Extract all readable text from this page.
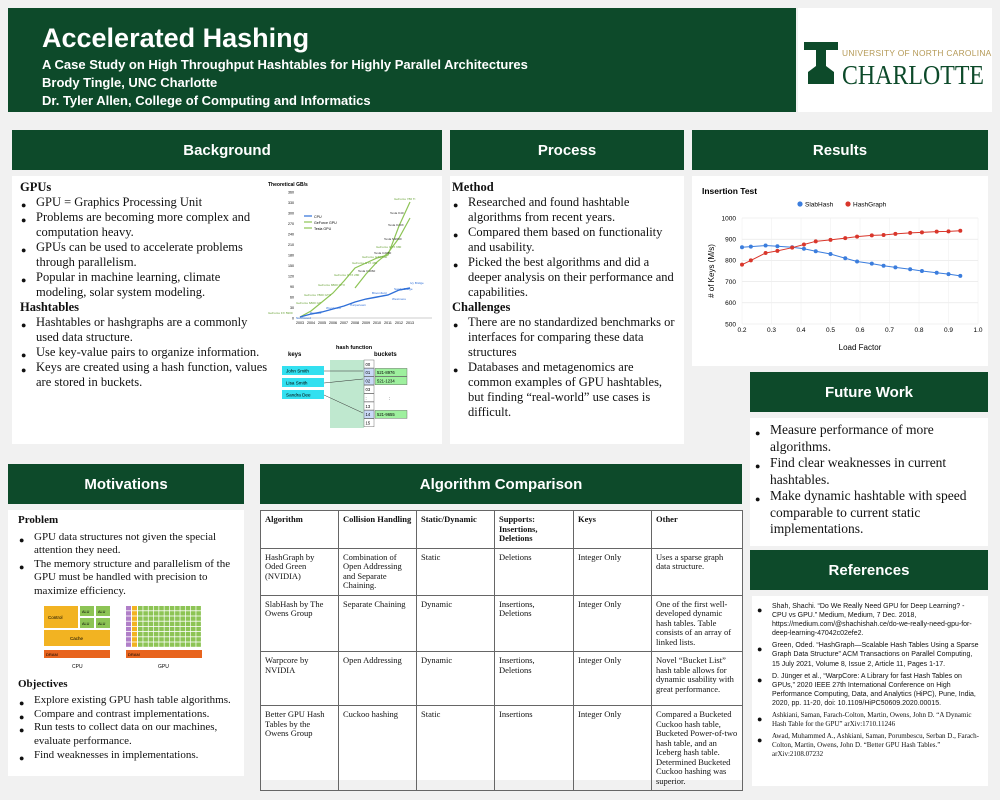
Accelerated Hashing
A Case Study on High Throughput Hashtables for Highly Parallel Architectures
Brody Tingle, UNC Charlotte
Dr. Tyler Allen, College of Computing and Informatics
UNIVERSITY OF NORTH CAROLINA
CHARLOTTE
Background
GPUs
● GPU = Graphics Processing Unit
● Problems are becoming more complex and computation heavy.
● GPUs can be used to accelerate problems through parallelism.
● Popular in machine learning, climate modeling, solar system modeling.
Hashtables
● Hashtables or hashgraphs are a commonly used data structure.
● Use key-value pairs to organize information.
● Keys are created using a hash function, values are stored in buckets.
Theoretical GB/s
0
30
60
90
120
150
180
210
240
270
300
330
360
2003 2004 2005 2006 2007 2008 2009 2010 2011 2012 2013
Tesla K40
Tesla K20X
Tesla M2090
Tesla C2050
Tesla C1060
Ivy Bridge
Sandy Bridge
Bloomfield
Westmere
Harpertown
Woodcrest
Prescott
Northwood
GeForce FX 5900
GeForce 780 Ti
GeForce GTX 680
GeForce GTX 580
GeForce GTX 480
GeForce GTX 280
GeForce 8800 GTX
GeForce 7800 GTX
GeForce 6800 GT
CPU
GeForce GPU
Tesla GPU
keys
hash function
buckets
John Smith
Lisa Smith
Sandra Dee
00
01 521-8976
02 521-1234
03
:	:
13
14 521-9655
15
Process
Method
● Researched and found hashtable algorithms from recent years.
● Compared them based on functionality and usability.
● Picked the best algorithms and did a deeper analysis on their performance and capabilities.
Challenges
● There are no standardized benchmarks or interfaces for comparing these data structures
● Databases and metagenomics are common examples of GPU hashtables, but finding “real-world” use cases is difficult.
Results
Insertion Test
SlabHash	HashGraph
500
600
700
800
900
1000
0.2	0.3	0.4	0.5	0.6	0.7	0.8	0.9	1.0
Load Factor
# of Keys (M/s)
Future Work
● Measure performance of more algorithms.
● Find clear weaknesses in current hashtables.
● Make dynamic hashtable with speed comparable to current static implementations.
References
● Shah, Shachi. “Do We Really Need GPU for Deep Learning? - CPU vs GPU.” Medium, Medium, 7 Dec. 2018, https://medium.com/@shachishah.ce/do-we-really-need-gpu-for-deep-learning-47042c02efe2.
● Green, Oded. “HashGraph—Scalable Hash Tables Using a Sparse Graph Data Structure” ACM Transactions on Parallel Computing, 15 July 2021, Volume 8, Issue 2, Article 11, Pages 1-17.
● D. Jünger et al., “WarpCore: A Library for fast Hash Tables on GPUs,” 2020 IEEE 27th International Conference on High Performance Computing, Data, and Analytics (HiPC), Pune, India, 2020, pp. 11-20, doi: 10.1109/HiPC50609.2020.00015.
● Ashkiani, Saman, Farach-Colton, Martin, Owens, John D. “A Dynamic Hash Table for the GPU” arXiv:1710.11246
● Awad, Muhammed A., Ashkiani, Saman, Porumbescu, Serban D., Farach-Colton, Martin, Owens, John D. “Better GPU Hash Tables.” arXiv:2108.07232
Motivations
Problem
● GPU data structures not given the special attention they need.
● The memory structure and parallelism of the GPU must be handled with precision to maximize efficiency.
Control
ALU ALU
ALU ALU
Cache
DRAM
CPU
DRAM
GPU
Objectives
● Explore existing GPU hash table algorithms.
● Compare and contrast implementations.
● Run tests to collect data on our machines, evaluate performance.
● Find weaknesses in implementations.
Algorithm Comparison
Algorithm	Collision Handling	Static/Dynamic	Supports: Insertions, Deletions	Keys	Other
HashGraph by Oded Green (NVIDIA)	Combination of Open Addressing and Separate Chaining.	Static	Deletions	Integer Only	Uses a sparse graph data structure.
SlabHash by The Owens Group	Separate Chaining	Dynamic	Insertions, Deletions	Integer Only	One of the first well-developed dynamic hash tables. Table consists of an array of linked lists.
Warpcore by NVIDIA	Open Addressing	Dynamic	Insertions, Deletions	Integer Only	Novel “Bucket List” hash table allows for dynamic usability with great performance.
Better GPU Hash Tables by the Owens Group	Cuckoo hashing	Static	Insertions	Integer Only	Compared a Bucketed Cuckoo hash table, Bucketed Power-of-two hash table, and an Iceberg hash table. Determined Bucketed Cuckoo hashing was superior.
